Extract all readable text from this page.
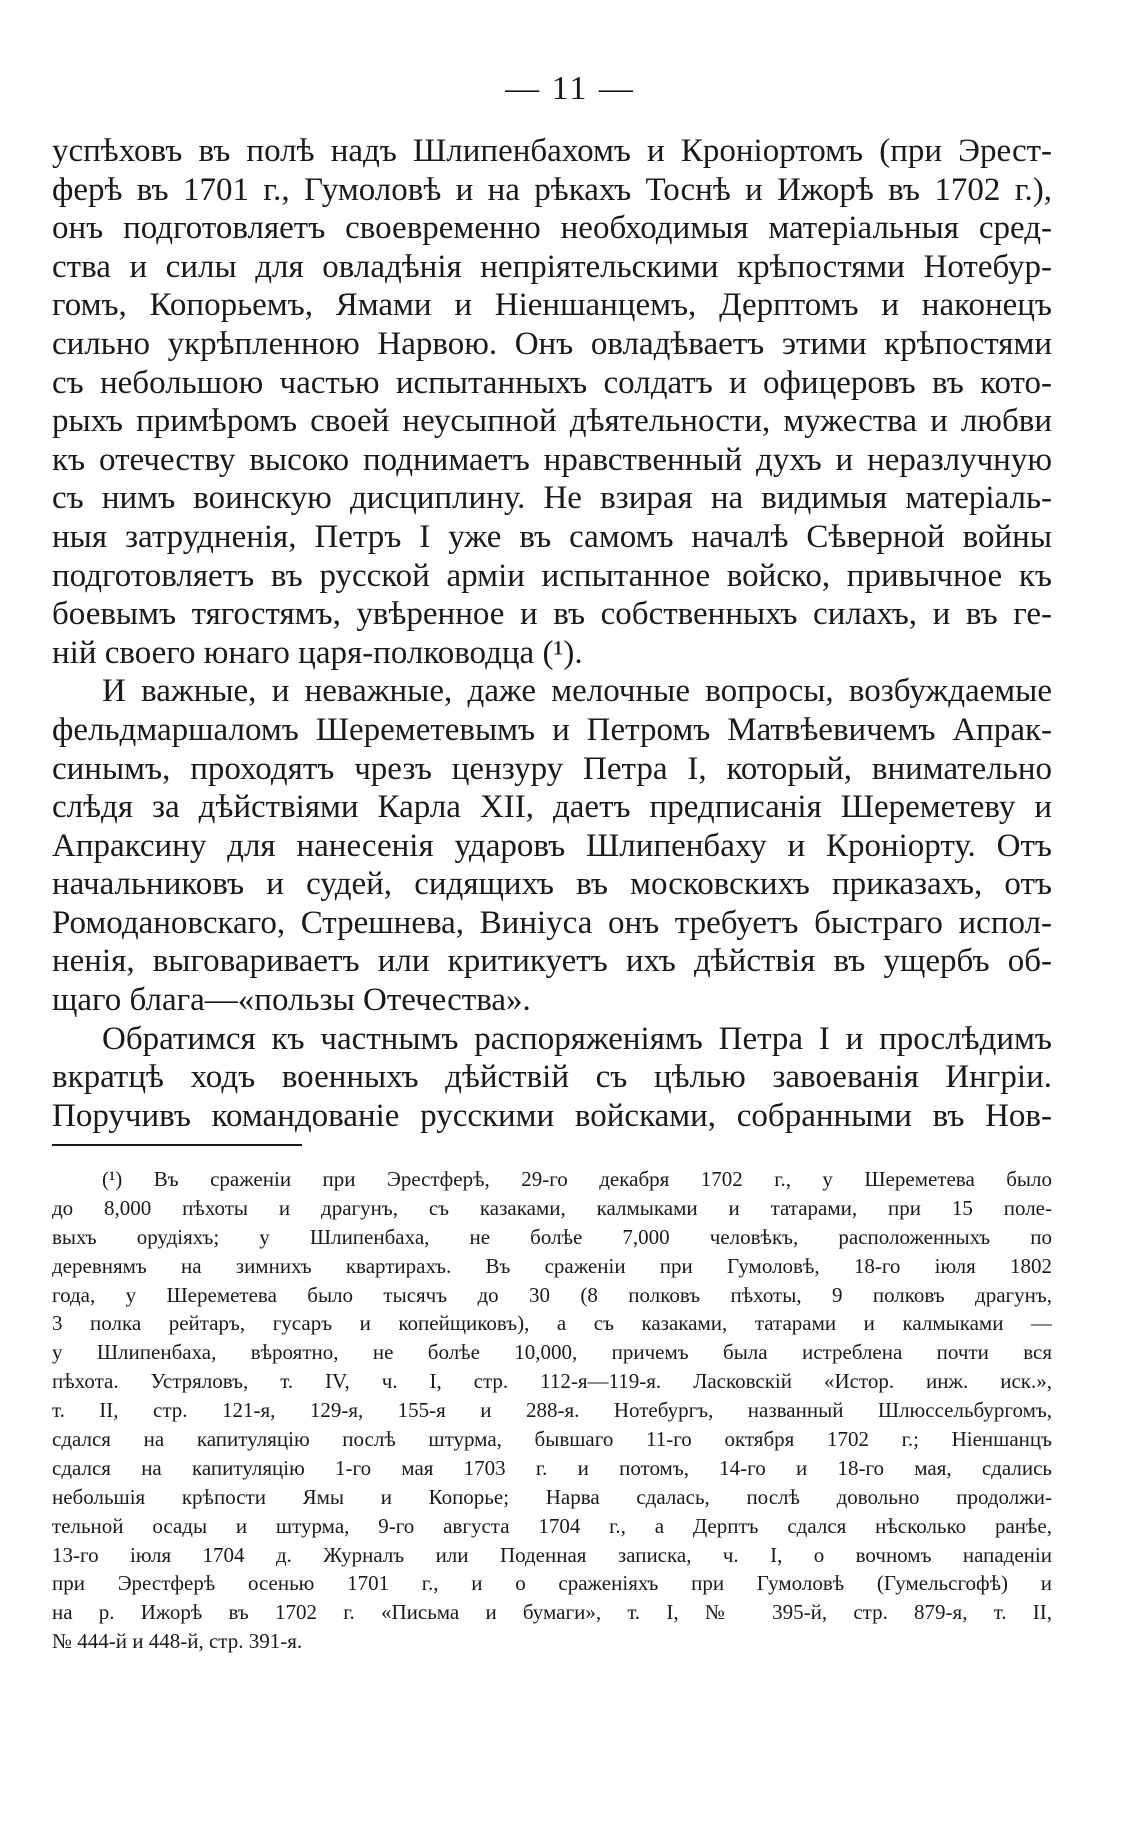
— 11 —
успѣховъ въ полѣ надъ Шлипенбахомъ и Кроніортомъ (при Эрест-
ферѣ въ 1701 г., Гумоловѣ и на рѣкахъ Тоснѣ и Ижорѣ въ 1702 г.),
онъ подготовляетъ своевременно необходимыя матеріальныя сред-
ства и силы для овладѣнія непріятельскими крѣпостями Нотебур-
гомъ, Копорьемъ, Ямами и Ніеншанцемъ, Дерптомъ и наконецъ
сильно укрѣпленною Нарвою. Онъ овладѣваетъ этими крѣпостями
съ небольшою частью испытанныхъ солдатъ и офицеровъ въ кото-
рыхъ примѣромъ своей неусыпной дѣятельности, мужества и любви
къ отечеству высоко поднимаетъ нравственный духъ и неразлучную
съ нимъ воинскую дисциплину. Не взирая на видимыя матеріаль-
ныя затрудненія, Петръ I уже въ самомъ началѣ Сѣверной войны
подготовляетъ въ русской арміи испытанное войско, привычное къ
боевымъ тягостямъ, увѣренное и въ собственныхъ силахъ, и въ ге-
ній своего юнаго царя-полководца (¹).
И важные, и неважные, даже мелочные вопросы, возбуждаемые
фельдмаршаломъ Шереметевымъ и Петромъ Матвѣевичемъ Апрак-
синымъ, проходятъ чрезъ цензуру Петра I, который, внимательно
слѣдя за дѣйствіями Карла XII, даетъ предписанія Шереметеву и
Апраксину для нанесенія ударовъ Шлипенбаху и Кроніорту. Отъ
начальниковъ и судей, сидящихъ въ московскихъ приказахъ, отъ
Ромодановскаго, Стрешнева, Виніуса онъ требуетъ быстраго испол-
ненія, выговариваетъ или критикуетъ ихъ дѣйствія въ ущербъ об-
щаго блага—«пользы Отечества».
Обратимся къ частнымъ распоряженіямъ Петра I и прослѣдимъ
вкратцѣ ходъ военныхъ дѣйствій съ цѣлью завоеванія Ингріи.
Поручивъ командованіе русскими войсками, собранными въ Нов-
(¹) Въ сраженіи при Эрестферѣ, 29-го декабря 1702 г., у Шереметева было
до 8,000 пѣхоты и драгунъ, съ казаками, калмыками и татарами, при 15 поле-
выхъ орудіяхъ; у Шлипенбаха, не болѣе 7,000 человѣкъ, расположенныхъ по
деревнямъ на зимнихъ квартирахъ. Въ сраженіи при Гумоловѣ, 18-го іюля 1802
года, у Шереметева было тысячъ до 30 (8 полковъ пѣхоты, 9 полковъ драгунъ,
3 полка рейтаръ, гусаръ и копейщиковъ), а съ казаками, татарами и калмыками —
у Шлипенбаха, вѣроятно, не болѣе 10,000, причемъ была истреблена почти вся
пѣхота. Устряловъ, т. IV, ч. I, стр. 112-я—119-я. Ласковскій «Истор. инж. иск.»,
т. II, стр. 121-я, 129-я, 155-я и 288-я. Нотебургъ, названный Шлюссельбургомъ,
сдался на капитуляцію послѣ штурма, бывшаго 11-го октября 1702 г.; Ніеншанцъ
сдался на капитуляцію 1-го мая 1703 г. и потомъ, 14-го и 18-го мая, сдались
небольшія крѣпости Ямы и Копорье; Нарва сдалась, послѣ довольно продолжи-
тельной осады и штурма, 9-го августа 1704 г., а Дерптъ сдался нѣсколько ранѣе,
13-го іюля 1704 д. Журналъ или Поденная записка, ч. I, о вочномъ нападеніи
при Эрестферѣ осенью 1701 г., и о сраженіяхъ при Гумоловѣ (Гумельсгофѣ) и
на р. Ижорѣ въ 1702 г. «Письма и бумаги», т. I, № 395-й, стр. 879-я, т. II,
№ 444-й и 448-й, стр. 391-я.
